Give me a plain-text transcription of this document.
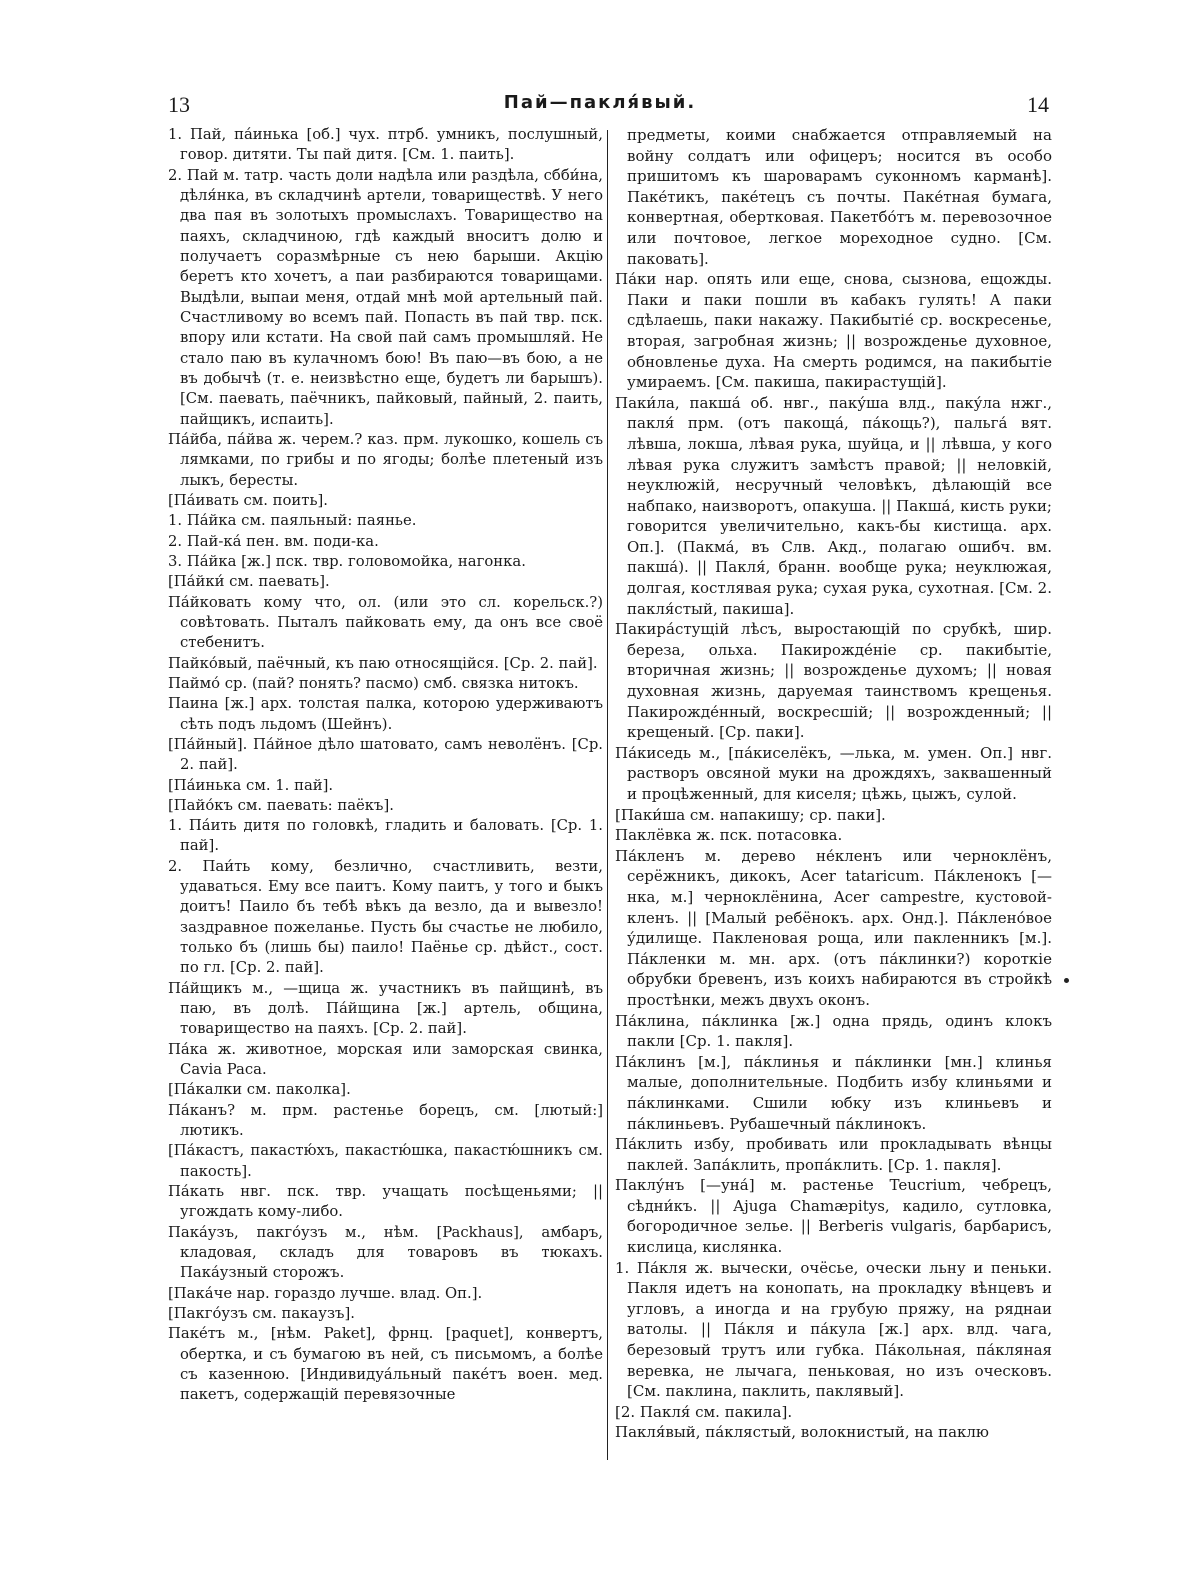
13	Пай—пакля́вый.	14

1. Пай, па́инька [об.] чух. птрб. умникъ, послушный, говор. дитяти. Ты пай дитя. [См. 1. паить].

2. Пай м. татр. часть доли надѣла или раздѣла, сбби́на, дѣля́нка, въ складчинѣ артели, товариществѣ. У него два пая въ золотыхъ промыслахъ. Товарищество на паяхъ, складчиною, гдѣ каждый вноситъ долю и получаетъ соразмѣрные съ нею барыши. Акцію беретъ кто хочетъ, а паи разбираются товарищами. Выдѣли, выпаи меня, отдай мнѣ мой артельный пай. Счастливому во всемъ пай. Попасть въ пай твр. пск. впору или кстати. На свой пай самъ промышляй. Не стало паю въ кулачномъ бою! Въ паю—въ бою, а не въ добычѣ (т. е. неизвѣстно еще, будетъ ли барышъ). [См. паевать, паёчникъ, пайковый, пайный, 2. паить, пайщикъ, испаить].

Па́йба, па́йва ж. черем.? каз. прм. лукошко, кошель съ лямками, по грибы и по ягоды; болѣе плетеный изъ лыкъ, бересты.

[Па́ивать см. поить].

1. Па́йка см. паяльный: паянье.

2. Пай-ка́ пен. вм. поди-ка.

3. Па́йка [ж.] пск. твр. головомойка, нагонка.

[Па́йки́ см. паевать].

Па́йковать кому что, ол. (или это сл. корельск.?) совѣтовать. Пыталъ пайковать ему, да онъ все своё стебенитъ.

Пайко́вый, паёчный, къ паю относящійся. [Ср. 2. пай].

Паймо́ ср. (пай? понять? пасмо) смб. связка нитокъ.

Паина [ж.] арх. толстая палка, которою удерживаютъ сѣть подъ льдомъ (Шейнъ).

[Па́йный]. Па́йное дѣло шатовато, самъ неволёнъ. [Ср. 2. пай].

[Па́инька см. 1. пай].

[Пайо́къ см. паевать: паёкъ].

1. Па́ить дитя по головкѣ, гладить и баловать. [Ср. 1. пай].

2. Паи́ть кому, безлично, счастливить, везти, удаваться. Ему все паитъ. Кому паитъ, у того и быкъ доитъ! Паило бъ тебѣ вѣкъ да везло, да и вывезло! заздравное пожеланье. Пусть бы счастье не любило, только бъ (лишь бы) паило! Паёнье ср. дѣйст., сост. по гл. [Ср. 2. пай].

Па́йщикъ м., —щица ж. участникъ въ пайщинѣ, въ паю, въ долѣ. Па́йщина [ж.] артель, община, товарищество на паяхъ. [Ср. 2. пай].

Па́ка ж. животное, морская или заморская свинка, Cavia Paca.

[Па́калки см. паколка].

Па́канъ? м. прм. растенье борецъ, см. [лютый:] лютикъ.

[Па́кастъ, пакастю́хъ, пакастю́шка, пакастю́шникъ см. пакость].

Па́кать нвг. пск. твр. учащать посѣщеньями; || угождать кому-либо.

Пака́узъ, пакго́узъ м., нѣм. [Packhaus], амбаръ, кладовая, складъ для товаровъ въ тюкахъ. Пака́узный сторожъ.

[Пака́че нар. гораздо лучше. влад. Оп.].

[Пакго́узъ см. пакаузъ].

Паке́тъ м., [нѣм. Paket], фрнц. [paquet], конвертъ, обертка, и съ бумагою въ ней, съ письмомъ, а болѣе съ казенною. [Индивидуа́льный паке́тъ воен. мед. пакетъ, содержащій перевязочные

предметы, коими снабжается отправляемый на войну солдатъ или офицеръ; носится въ особо пришитомъ къ шароварамъ суконномъ карманѣ]. Паке́тикъ, паке́тецъ съ почты. Паке́тная бумага, конвертная, обертковая. Пакетбо́тъ м. перевозочное или почтовое, легкое мореходное судно. [См. паковать].

Па́ки нар. опять или еще, снова, сызнова, ещожды. Паки и паки пошли въ кабакъ гулять! А паки сдѣлаешь, паки накажу. Пакибытіе́ ср. воскресенье, вторая, загробная жизнь; || возрожденье духовное, обновленье духа. На смерть родимся, на пакибытіе умираемъ. [См. пакиша, пакирастущій].

Паки́ла, пакша́ об. нвг., паку́ша влд., паку́ла нжг., пакля́ прм. (отъ пакоща́, па́кощь?), пальга́ вят. лѣвша, локша, лѣвая рука, шуйца, и || лѣвша, у кого лѣвая рука служитъ замѣстъ правой; || неловкій, неуклюжій, несручный человѣкъ, дѣлающій все набпако, наизворотъ, опакуша. || Пакша́, кисть руки; говорится увеличительно, какъ-бы кистища. арх. Оп.]. (Пакма́, въ Слв. Акд., полагаю ошибч. вм. пакша́). || Пакля́, бранн. вообще рука; неуклюжая, долгая, костлявая рука; сухая рука, сухотная. [См. 2. пакля́стый, пакиша].

Пакира́стущій лѣсъ, выростающій по срубкѣ, шир. береза, ольха. Пакирожде́ніе ср. пакибытіе, вторичная жизнь; || возрожденье духомъ; || новая духовная жизнь, даруемая таинствомъ крещенья. Пакирожде́нный, воскресшій; || возрожденный; || крещеный. [Ср. паки].

Па́киседь м., [па́киселёкъ, —лька, м. умен. Оп.] нвг. растворъ овсяной муки на дрождяхъ, заквашенный и процѣженный, для киселя; цѣжь, цыжъ, сулой.

[Паки́ша см. напакишу; ср. паки].

Паклёвка ж. пск. потасовка.

Па́кленъ м. дерево не́кленъ или черноклёнъ, серёжникъ, дикокъ, Acer tataricum. Па́кленокъ [—нка, м.] черноклёнина, Acer campestre, кустовой-кленъ. || [Малый ребёнокъ. арх. Онд.]. Па́клено́вое у́дилище. Пакленовая роща, или пакленникъ [м.]. Па́кленки м. мн. арх. (отъ па́клинки?) короткіе обрубки бревенъ, изъ коихъ набираются въ стройкѣ простѣнки, межъ двухъ оконъ.

Па́клина, па́клинка [ж.] одна прядь, одинъ клокъ пакли [Ср. 1. пакля].

Па́клинъ [м.], па́клинья и па́клинки [мн.] клинья малые, дополнительные. Подбить избу клиньями и па́клинками. Сшили юбку изъ клиньевъ и па́клиньевъ. Рубашечный па́клинокъ.

Па́клить избу, пробивать или прокладывать вѣнцы паклей. Запа́клить, пропа́клить. [Ср. 1. пакля].

Паклу́нъ [—уна́] м. растенье Teucrium, чебрецъ, сѣдни́къ. || Ajuga Chamæpitys, кадило, сутловка, богородичное зелье. || Berberis vulgaris, барбарисъ, кислица, кислянка.

1. Па́кля ж. вычески, очёсье, очески льну и пеньки. Пакля идетъ на конопать, на прокладку вѣнцевъ и угловъ, а иногда и на грубую пряжу, на ряднаи ватолы. || Па́кля и па́кула [ж.] арх. влд. чага, березовый трутъ или губка. Па́кольная, па́кляная веревка, не лычага, пеньковая, но изъ оческовъ. [См. паклина, паклить, паклявый].

[2. Пакля́ см. пакила].

Пакля́вый, па́клястый, волокнистый, на паклю
